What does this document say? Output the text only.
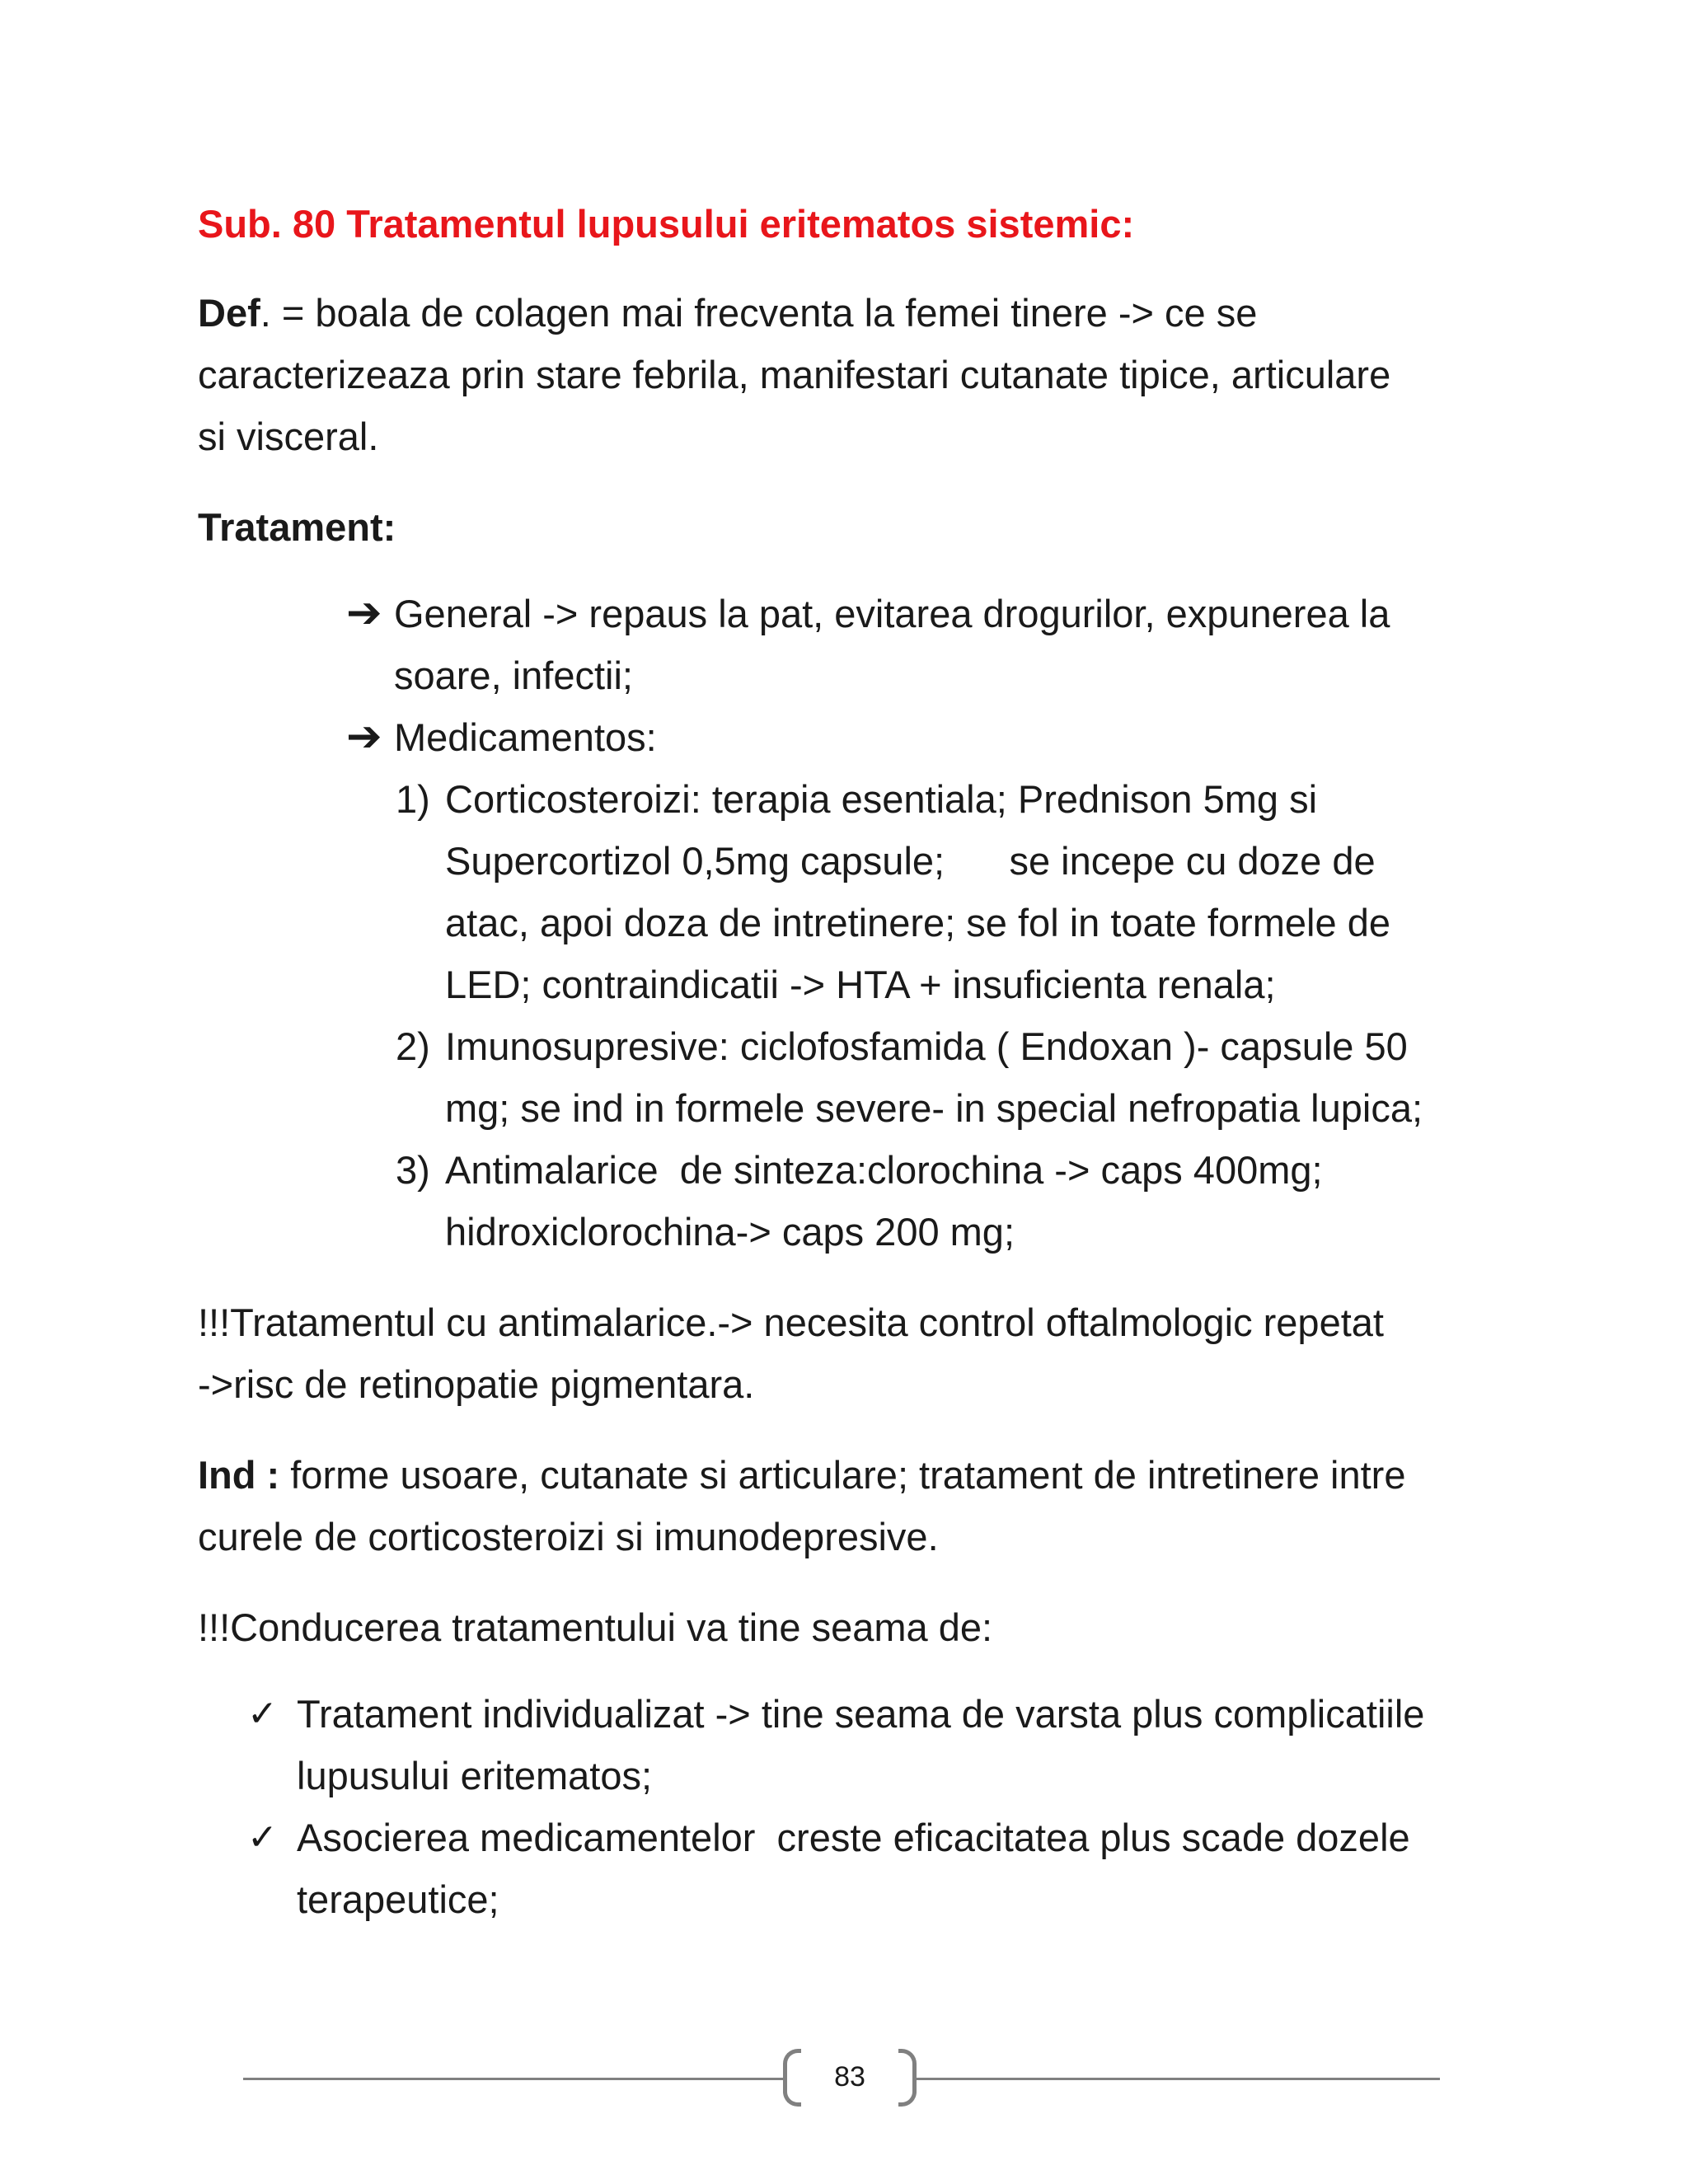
Sub. 80 Tratamentul lupusului eritematos sistemic:
Def. = boala de colagen mai frecventa la femei tinere -> ce se
caracterizeaza prin stare febrila, manifestari cutanate tipice, articulare
si visceral.
Tratament:
➔ General -> repaus la pat, evitarea drogurilor, expunerea la
soare, infectii;
➔ Medicamentos:
1) Corticosteroizi: terapia esentiala; Prednison 5mg si
Supercortizol 0,5mg capsule;      se incepe cu doze de
atac, apoi doza de intretinere; se fol in toate formele de
LED; contraindicatii -> HTA + insuficienta renala;
2) Imunosupresive: ciclofosfamida ( Endoxan )- capsule 50
mg; se ind in formele severe- in special nefropatia lupica;
3) Antimalarice  de sinteza:clorochina -> caps 400mg;
hidroxiclorochina-> caps 200 mg;
!!!Tratamentul cu antimalarice.-> necesita control oftalmologic repetat
->risc de retinopatie pigmentara.
Ind : forme usoare, cutanate si articulare; tratament de intretinere intre
curele de corticosteroizi si imunodepresive.
!!!Conducerea tratamentului va tine seama de:
✓ Tratament individualizat -> tine seama de varsta plus complicatiile
lupusului eritematos;
✓ Asocierea medicamentelor  creste eficacitatea plus scade dozele
terapeutice;
83
